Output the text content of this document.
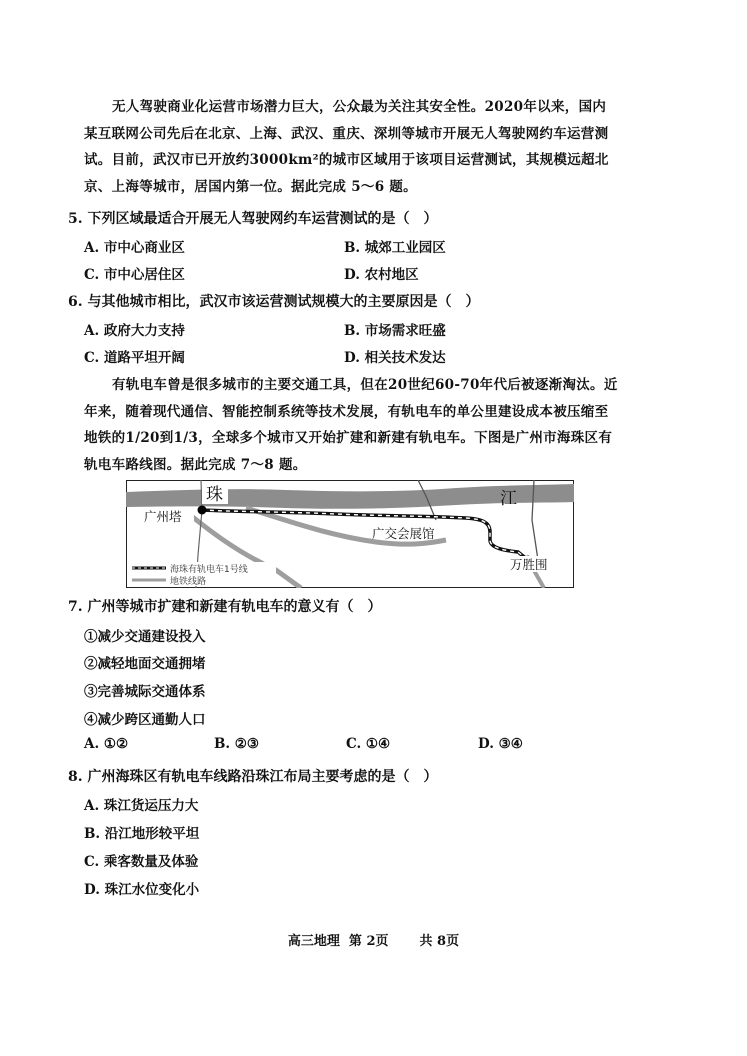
无人驾驶商业化运营市场潜力巨大，公众最为关注其安全性。2020年以来，国内某互联网公司先后在北京、上海、武汉、重庆、深圳等城市开展无人驾驶网约车运营测试。目前，武汉市已开放约3000km²的城市区域用于该项目运营测试，其规模远超北京、上海等城市，居国内第一位。据此完成 5～6 题。

5. 下列区域最适合开展无人驾驶网约车运营测试的是（　）
A. 市中心商业区	B. 城郊工业园区
C. 市中心居住区	D. 农村地区
6. 与其他城市相比，武汉市该运营测试规模大的主要原因是（　）
A. 政府大力支持	B. 市场需求旺盛
C. 道路平坦开阔	D. 相关技术发达

有轨电车曾是很多城市的主要交通工具，但在20世纪60-70年代后被逐渐淘汰。近年来，随着现代通信、智能控制系统等技术发展，有轨电车的单公里建设成本被压缩至地铁的1/20到1/3，全球多个城市又开始扩建和新建有轨电车。下图是广州市海珠区有轨电车路线图。据此完成 7～8 题。

珠	江
广州塔
广交会展馆
万胜围
海珠有轨电车1号线
地铁线路
7. 广州等城市扩建和新建有轨电车的意义有（　）
①减少交通建设投入
②减轻地面交通拥堵
③完善城际交通体系
④减少跨区通勤人口
A. ①②	B. ②③	C. ①④	D. ③④
8. 广州海珠区有轨电车线路沿珠江布局主要考虑的是（　）
A. 珠江货运压力大
B. 沿江地形较平坦
C. 乘客数量及体验
D. 珠江水位变化小
高三地理 第 2页 共 8页
